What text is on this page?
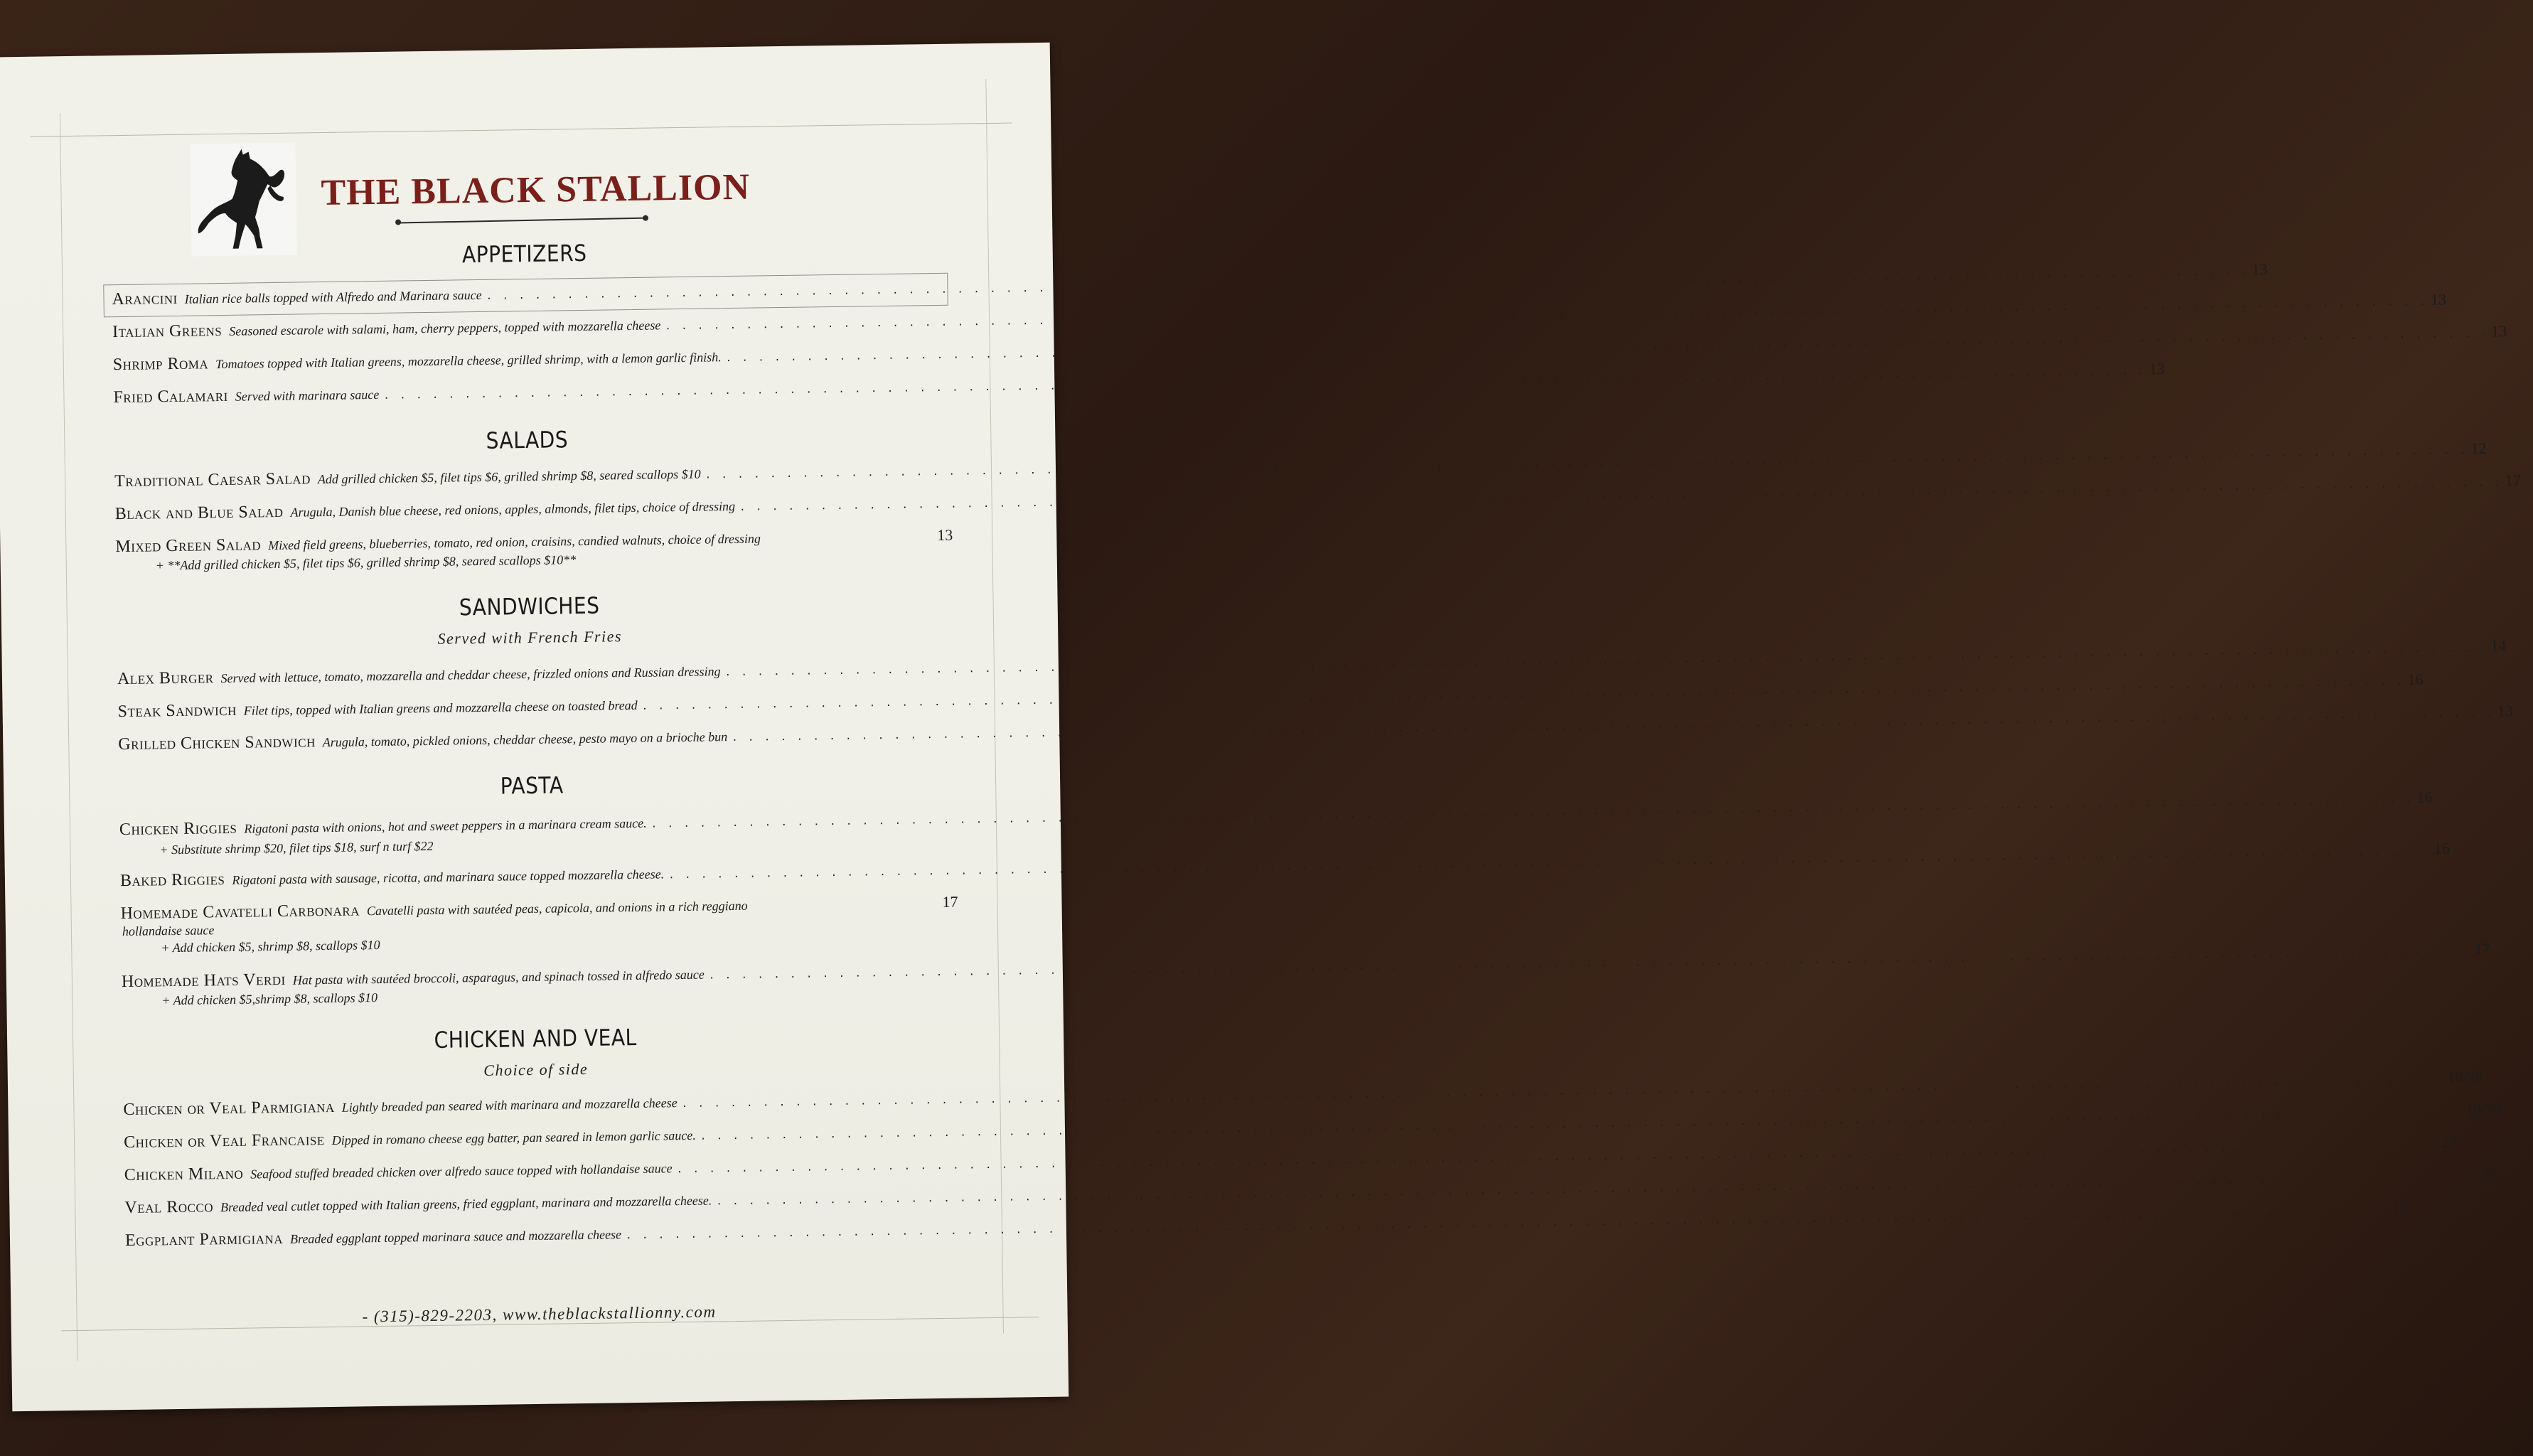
THE BLACK STALLION
APPETIZERS
Arancini Italian rice balls topped with Alfredo and Marinara sauce
. . .
13
Italian Greens Seasoned escarole with salami, ham, cherry peppers, topped with mozzarella cheese
. . .
13
Shrimp Roma Tomatoes topped with Italian greens, mozzarella cheese, grilled shrimp, with a lemon garlic finish.
. . .
13
Fried Calamari Served with marinara sauce
. . .
13
SALADS
Traditional Caesar Salad Add grilled chicken $5, filet tips $6, grilled shrimp $8, seared scallops $10
. . .
12
Black and Blue Salad Arugula, Danish blue cheese, red onions, apples, almonds, filet tips, choice of dressing
. . .
17
Mixed Green Salad Mixed field greens, blueberries, tomato, red onion, craisins, candied walnuts, choice of dressing	13
+ **Add grilled chicken $5, filet tips $6, grilled shrimp $8, seared scallops $10**
SANDWICHES
Served with French Fries
Alex Burger Served with lettuce, tomato, mozzarella and cheddar cheese, frizzled onions and Russian dressing
. . .
14
Steak Sandwich Filet tips, topped with Italian greens and mozzarella cheese on toasted bread
. . .
16
Grilled Chicken Sandwich Arugula, tomato, pickled onions, cheddar cheese, pesto mayo on a brioche bun
. . .
13
PASTA
Chicken Riggies Rigatoni pasta with onions, hot and sweet peppers in a marinara cream sauce.
. . .
16
+ Substitute shrimp $20, filet tips $18, surf n turf $22
Baked Riggies Rigatoni pasta with sausage, ricotta, and marinara sauce topped mozzarella cheese.
. . .
16
Homemade Cavatelli Carbonara Cavatelli pasta with sautéed peas, capicola, and onions in a rich reggiano	17
hollandaise sauce
+ Add chicken $5, shrimp $8, scallops $10
Homemade Hats Verdi Hat pasta with sautéed broccoli, asparagus, and spinach tossed in alfredo sauce
. . .
17
+ Add chicken $5,shrimp $8, scallops $10
CHICKEN AND VEAL
Choice of side
Chicken or Veal Parmigiana Lightly breaded pan seared with marinara and mozzarella cheese
. . .
18/20
Chicken or Veal Francaise Dipped in romano cheese egg batter, pan seared in lemon garlic sauce.
. . .
18/20
Chicken Milano Seafood stuffed breaded chicken over alfredo sauce topped with hollandaise sauce
. . .
21
Veal Rocco Breaded veal cutlet topped with Italian greens, fried eggplant, marinara and mozzarella cheese.
. . .
23
Eggplant Parmigiana Breaded eggplant topped marinara sauce and mozzarella cheese
. . .
15
- (315)-829-2203, www.theblackstallionny.com
